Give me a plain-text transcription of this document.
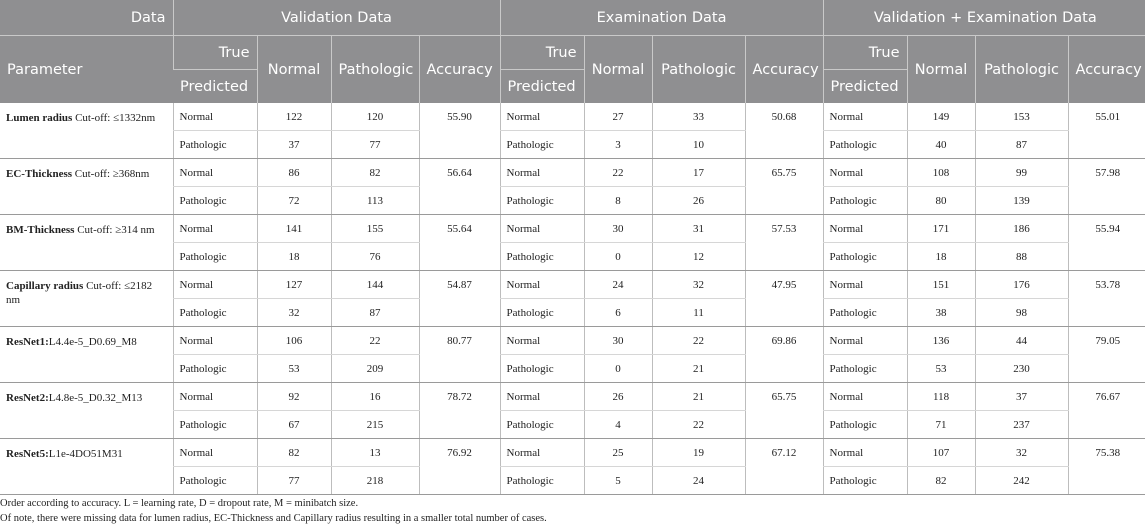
Data	Validation Data				Examination Data				Validation + Examination Data			
Parameter	True	Normal	Pathologic	Accuracy	True	Normal	Pathologic	Accuracy	True	Normal	Pathologic	Accuracy
	Predicted				Predicted				Predicted			
Lumen radius Cut-off: ≤1332nm	Normal	122	120	55.90	Normal	27	33	50.68	Normal	149	153	55.01
	Pathologic	37	77		Pathologic	3	10		Pathologic	40	87	
EC-Thickness Cut-off: ≥368nm	Normal	86	82	56.64	Normal	22	17	65.75	Normal	108	99	57.98
	Pathologic	72	113		Pathologic	8	26		Pathologic	80	139	
BM-Thickness Cut-off: ≥314 nm	Normal	141	155	55.64	Normal	30	31	57.53	Normal	171	186	55.94
	Pathologic	18	76		Pathologic	0	12		Pathologic	18	88	
Capillary radius Cut-off: ≤2182 nm	Normal	127	144	54.87	Normal	24	32	47.95	Normal	151	176	53.78
	Pathologic	32	87		Pathologic	6	11		Pathologic	38	98	
ResNet1:L4.4e-5_D0.69_M8	Normal	106	22	80.77	Normal	30	22	69.86	Normal	136	44	79.05
	Pathologic	53	209		Pathologic	0	21		Pathologic	53	230	
ResNet2:L4.8e-5_D0.32_M13	Normal	92	16	78.72	Normal	26	21	65.75	Normal	118	37	76.67
	Pathologic	67	215		Pathologic	4	22		Pathologic	71	237	
ResNet5:L1e-4DO51M31	Normal	82	13	76.92	Normal	25	19	67.12	Normal	107	32	75.38
	Pathologic	77	218		Pathologic	5	24		Pathologic	82	242	
Order according to accuracy. L = learning rate, D = dropout rate, M = minibatch size.
Of note, there were missing data for lumen radius, EC-Thickness and Capillary radius resulting in a smaller total number of cases.
